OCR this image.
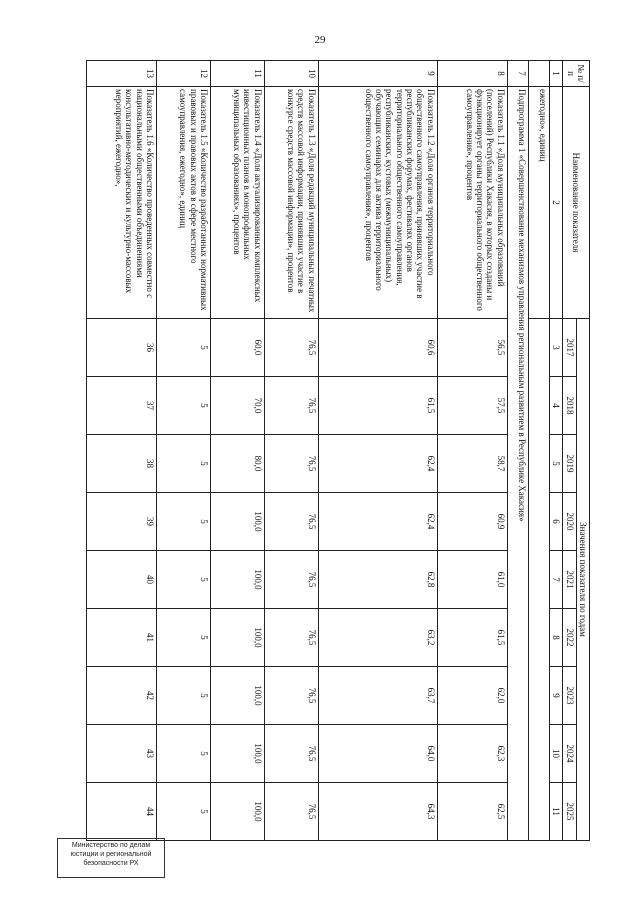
29
№ п/п	Наименование показателя	Значения показателя по годам								
		2017	2018	2019	2020	2021	2022	2023	2024	2025
1	2	3	4	5	6	7	8	9	10	11
	ежегодно», единиц									
7	Подпрограмма 1 «Совершенствование механизмов управления региональным развитием в Республике Хакасия»									
8	Показатель 1.1 «Доля муниципальных образований (поселений) Республики Хакасия, в которых созданы и функционирует органы территориального общественного самоуправления», процентов	56,5	57,5	58,7	60,9	61,0	61,5	62,0	62,3	62,5
9	Показатель 1.2 «Доля органов территориального общественного самоуправления, принявших участие в республиканских форумах, фестивалях органов территориального общественного самоуправления, республиканских, кустовых (межмуниципальных) обучающих семинарах для актива территориального общественного самоуправления», процентов	60,6	61,5	62,4	62,4	62,8	63,2	63,7	64,0	64,3
10	Показатель 1.3 «Доля редакций муниципальных печатных средств массовой информации, принявших участие в конкурсе средств массовой информации», процентов	76,5	76,5	76,5	76,5	76,5	76,5	76,5	76,5	76,5
11	Показатель 1.4 «Доля актуализированных комплексных инвестиционных планов в монопрофильных муниципальных образованиях», процентов	60,0	70,0	80,0	100,0	100,0	100,0	100,0	100,0	100,0
12	Показатель 1.5 «Количество разработанных нормативных правовых и правовых актов в сфере местного самоуправления, ежегодно», единиц	5	5	5	5	5	5	5	5	5
13	Показатель 1.6 «Количество проведенных совместно с национальными общественными объединениями консультативно-методических и культурно-массовых мероприятий, ежегодно»,	36	37	38	39	40	41	42	43	44
Министерство по делам
юстиции и региональной
безопасности РХ
